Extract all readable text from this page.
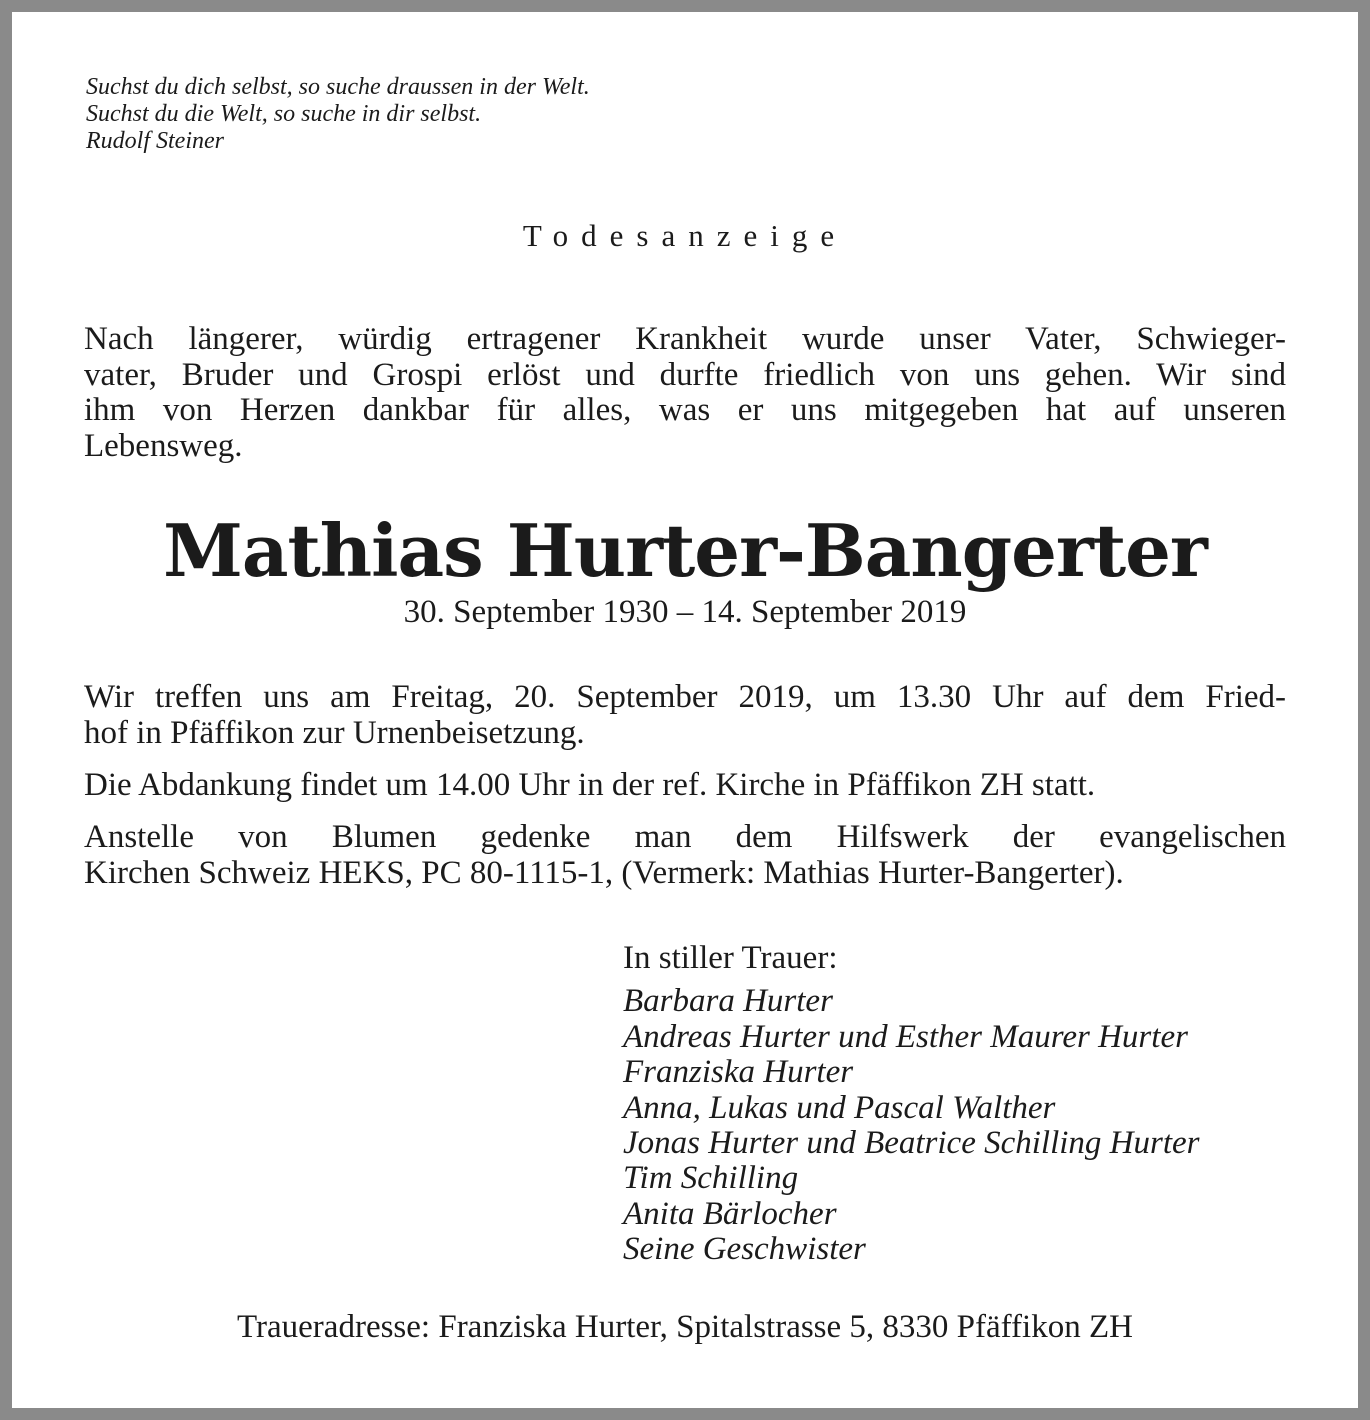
Suchst du dich selbst, so suche draussen in der Welt.
Suchst du die Welt, so suche in dir selbst.
Rudolf Steiner
Todesanzeige
Nach längerer, würdig ertragener Krankheit wurde unser Vater, Schwieger-
vater, Bruder und Grospi erlöst und durfte friedlich von uns gehen. Wir sind
ihm von Herzen dankbar für alles, was er uns mitgegeben hat auf unseren
Lebensweg.
Mathias Hurter-Bangerter
30. September 1930 – 14. September 2019
Wir treffen uns am Freitag, 20. September 2019, um 13.30 Uhr auf dem Fried-
hof in Pfäffikon zur Urnenbeisetzung.
Die Abdankung findet um 14.00 Uhr in der ref. Kirche in Pfäffikon ZH statt.
Anstelle von Blumen gedenke man dem Hilfswerk der evangelischen
Kirchen Schweiz HEKS, PC 80-1115-1, (Vermerk: Mathias Hurter-Bangerter).
In stiller Trauer:
Barbara Hurter
Andreas Hurter und Esther Maurer Hurter
Franziska Hurter
Anna, Lukas und Pascal Walther
Jonas Hurter und Beatrice Schilling Hurter
Tim Schilling
Anita Bärlocher
Seine Geschwister
Traueradresse: Franziska Hurter, Spitalstrasse 5, 8330 Pfäffikon ZH
